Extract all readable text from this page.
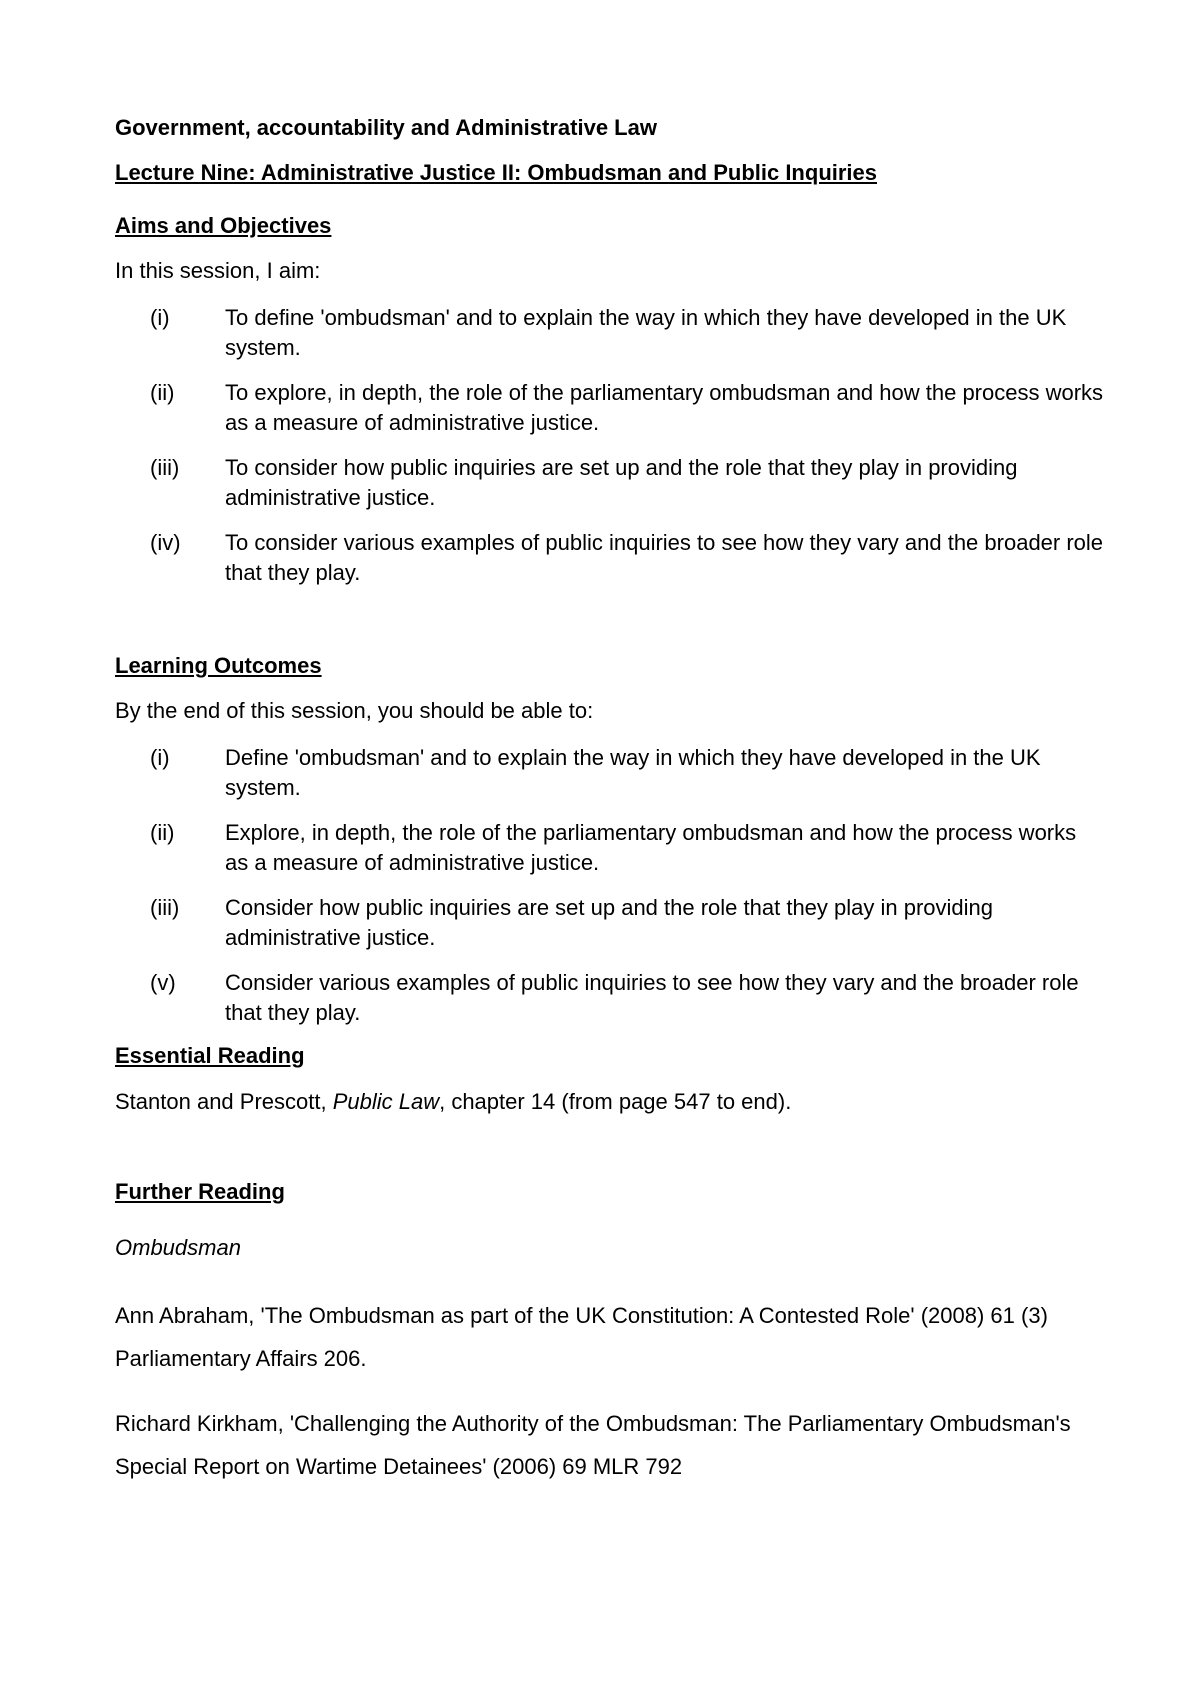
Government, accountability and Administrative Law

Lecture Nine: Administrative Justice II: Ombudsman and Public Inquiries

Aims and Objectives

In this session, I aim:

(i)	To define 'ombudsman' and to explain the way in which they have developed in the UK system.
(ii) To explore, in depth, the role of the parliamentary ombudsman and how the process works as a measure of administrative justice.
(iii) To consider how public inquiries are set up and the role that they play in providing administrative justice.
(iv) To consider various examples of public inquiries to see how they vary and the broader role that they play.

Learning Outcomes

By the end of this session, you should be able to:

(i)	Define 'ombudsman' and to explain the way in which they have developed in the UK system.
(ii) Explore, in depth, the role of the parliamentary ombudsman and how the process works as a measure of administrative justice.
(iii) Consider how public inquiries are set up and the role that they play in providing administrative justice.
(v) Consider various examples of public inquiries to see how they vary and the broader role that they play.

Essential Reading

Stanton and Prescott, Public Law, chapter 14 (from page 547 to end).

Further Reading

Ombudsman

Ann Abraham, 'The Ombudsman as part of the UK Constitution: A Contested Role' (2008) 61 (3) Parliamentary Affairs 206.
Richard Kirkham, 'Challenging the Authority of the Ombudsman: The Parliamentary Ombudsman's Special Report on Wartime Detainees' (2006) 69 MLR 792
